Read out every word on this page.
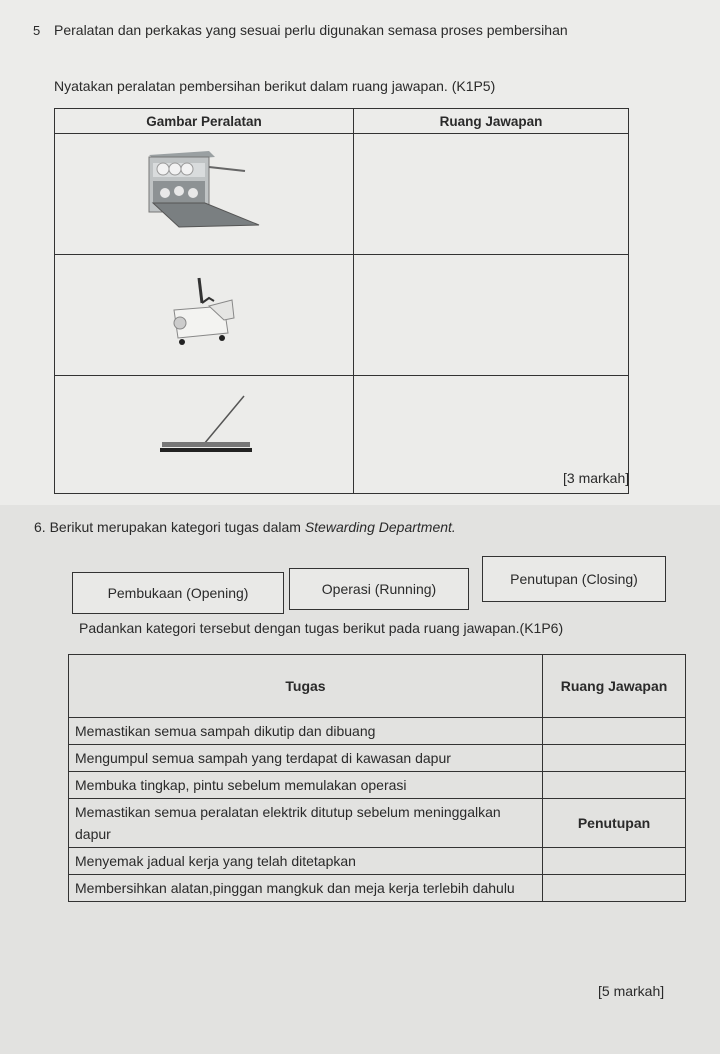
5 Peralatan dan perkakas yang sesuai perlu digunakan semasa proses pembersihan
Nyatakan peralatan pembersihan berikut dalam ruang jawapan. (K1P5)
Gambar Peralatan	Ruang Jawapan

[3 markah]
6. Berikut merupakan kategori tugas dalam Stewarding Department.
Pembukaan (Opening)	Operasi (Running)
Penutupan (Closing)
Padankan kategori tersebut dengan tugas berikut pada ruang jawapan.(K1P6)
Tugas	Ruang Jawapan
Memastikan semua sampah dikutip dan dibuang	
Mengumpul semua sampah yang terdapat di kawasan dapur	
Membuka tingkap, pintu sebelum memulakan operasi	
Memastikan semua peralatan elektrik ditutup sebelum meninggalkan dapur	Penutupan
Menyemak jadual kerja yang telah ditetapkan	
Membersihkan alatan,pinggan mangkuk dan meja kerja terlebih dahulu	
[5 markah]
